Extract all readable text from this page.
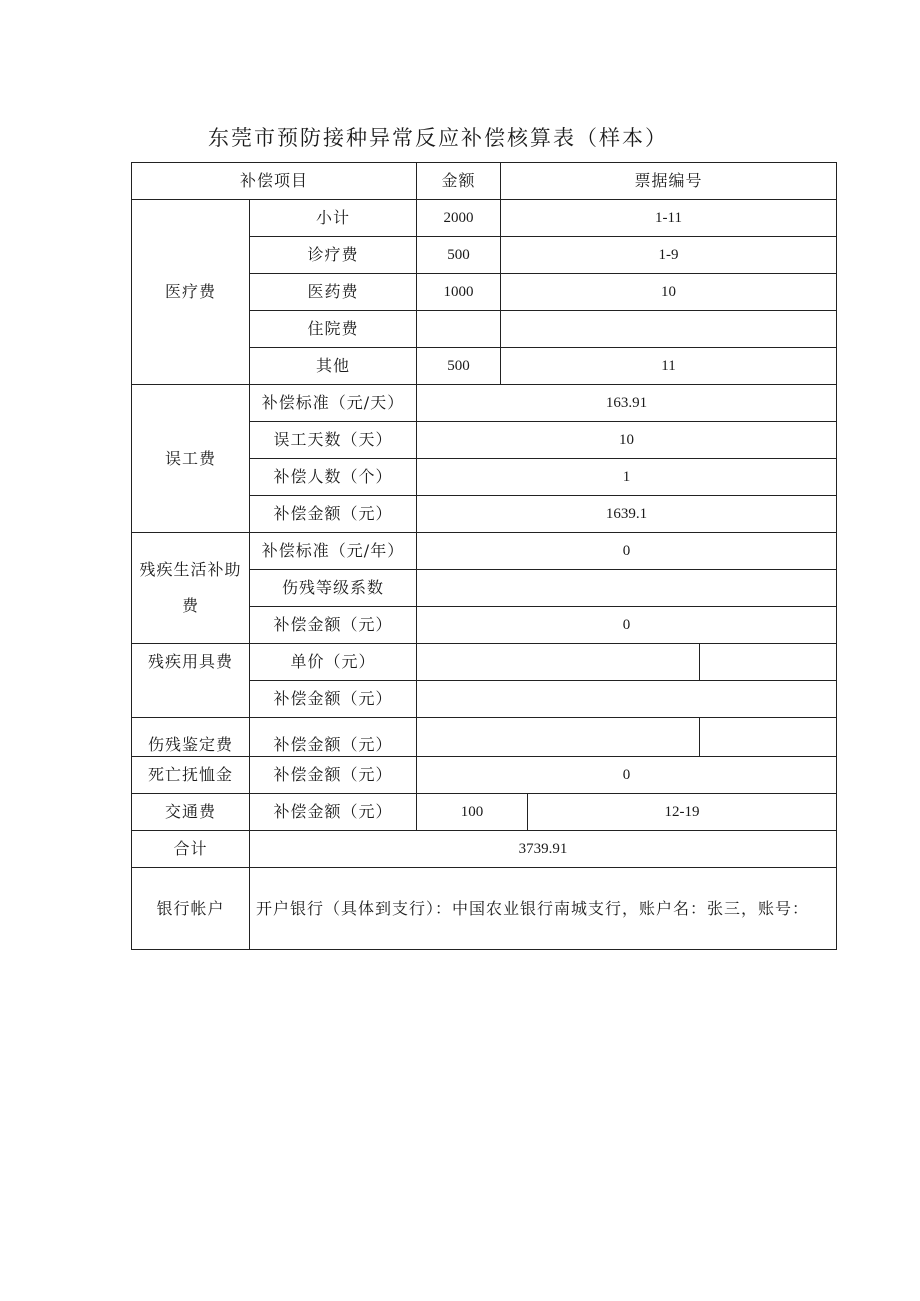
东莞市预防接种异常反应补偿核算表（样本）
补偿项目		金额	票据编号		
医疗费	小计	2000	1-11		
	诊疗费	500	1-9		
	医药费	1000	10		
	住院费				
	其他	500	11		
误工费	补偿标准（元/天）	163.91			
	误工天数（天）	10			
	补偿人数（个）	1			
	补偿金额（元）	1639.1			
残疾生活补助费	补偿标准（元/年）	0			
	伤残等级系数				
	补偿金额（元）	0			
残疾用具费	单价（元）				
	补偿金额（元）				
伤残鉴定费	补偿金额（元）				
死亡抚恤金	补偿金额（元）	0			
交通费	补偿金额（元）	100		12-19	
合计	3739.91				
银行帐户	开户银行（具体到支行）：中国农业银行南城支行，账户名：张三，账号：				
